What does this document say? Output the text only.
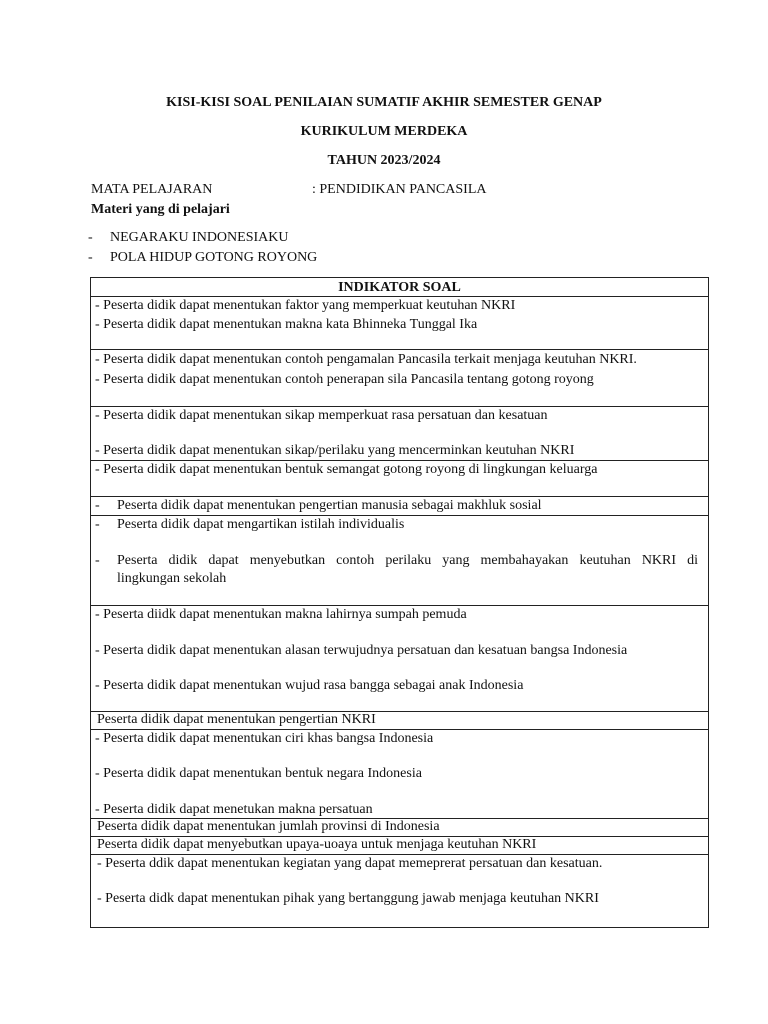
KISI-KISI SOAL PENILAIAN SUMATIF AKHIR SEMESTER GENAP
KURIKULUM MERDEKA
TAHUN 2023/2024
MATA PELAJARAN	: PENDIDIKAN PANCASILA
Materi yang di pelajari
- NEGARAKU INDONESIAKU
- POLA HIDUP GOTONG ROYONG
INDIKATOR SOAL
- Peserta didik dapat menentukan faktor yang memperkuat keutuhan NKRI
- Peserta didik dapat menentukan makna kata Bhinneka Tunggal Ika
- Peserta didik dapat menentukan contoh pengamalan Pancasila terkait menjaga keutuhan NKRI.
- Peserta didik dapat menentukan contoh penerapan sila Pancasila tentang gotong royong
- Peserta didik dapat menentukan sikap memperkuat rasa persatuan dan kesatuan
- Peserta didik dapat menentukan sikap/perilaku yang mencerminkan keutuhan NKRI
- Peserta didik dapat menentukan bentuk semangat gotong royong di lingkungan keluarga
- Peserta didik dapat menentukan pengertian manusia sebagai makhluk sosial
- Peserta didik dapat mengartikan istilah individualis
- Peserta didik dapat menyebutkan contoh perilaku yang membahayakan keutuhan NKRI di
lingkungan sekolah
- Peserta diidk dapat menentukan makna lahirnya sumpah pemuda
- Peserta didik dapat menentukan alasan terwujudnya persatuan dan kesatuan bangsa Indonesia
- Peserta didik dapat menentukan wujud rasa bangga sebagai anak Indonesia
Peserta didik dapat menentukan pengertian NKRI
- Peserta didik dapat menentukan ciri khas bangsa Indonesia
- Peserta didik dapat menentukan bentuk negara Indonesia
- Peserta didik dapat menetukan makna persatuan
Peserta didik dapat menentukan jumlah provinsi di Indonesia
Peserta didik dapat menyebutkan upaya-uoaya untuk menjaga keutuhan NKRI
- Peserta ddik dapat menentukan kegiatan yang dapat memeprerat persatuan dan kesatuan.
- Peserta didk dapat menentukan pihak yang bertanggung jawab menjaga keutuhan NKRI
